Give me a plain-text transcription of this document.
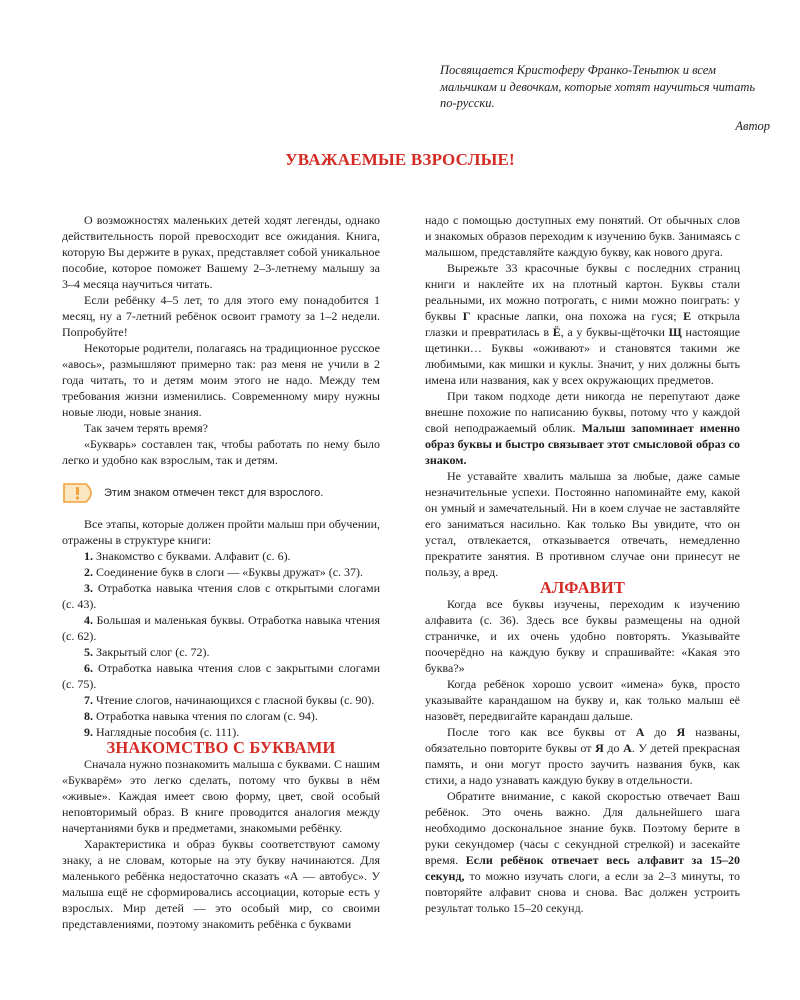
Посвящается Кристоферу Франко-Теньтюк и всем мальчикам и девочкам, которые хотят научиться читать по-русски.
Автор
УВАЖАЕМЫЕ ВЗРОСЛЫЕ!

О возможностях маленьких детей ходят легенды, однако действительность порой превосходит все ожидания. Книга, которую Вы держите в руках, представляет собой уникальное пособие, которое поможет Вашему 2–3-летнему малышу за 3–4 месяца научиться читать.

Если ребёнку 4–5 лет, то для этого ему понадобится 1 месяц, ну а 7-летний ребёнок освоит грамоту за 1–2 недели. Попробуйте!

Некоторые родители, полагаясь на традиционное русское «авось», размышляют примерно так: раз меня не учили в 2 года читать, то и детям моим этого не надо. Между тем требования жизни изменились. Современному миру нужны новые люди, новые знания.

Так зачем терять время?

«Букварь» составлен так, чтобы работать по нему было легко и удобно как взрослым, так и детям.

Этим знаком отмечен текст для взрослого.

Все этапы, которые должен пройти малыш при обучении, отражены в структуре книги:

1. Знакомство с буквами. Алфавит (с. 6).

2. Соединение букв в слоги — «Буквы дружат» (с. 37).

3. Отработка навыка чтения слов с открытыми слогами (с. 43).

4. Большая и маленькая буквы. Отработка навыка чтения (с. 62).

5. Закрытый слог (с. 72).

6. Отработка навыка чтения слов с закрытыми слогами (с. 75).

7. Чтение слогов, начинающихся с гласной буквы (с. 90).

8. Отработка навыка чтения по слогам (с. 94).

9. Наглядные пособия (с. 111).

ЗНАКОМСТВО С БУКВАМИ

Сначала нужно познакомить малыша с буквами. С нашим «Букварём» это легко сделать, потому что буквы в нём «живые». Каждая имеет свою форму, цвет, свой особый неповторимый образ. В книге проводится аналогия между начертаниями букв и предметами, знакомыми ребёнку.

Характеристика и образ буквы соответствуют самому знаку, а не словам, которые на эту букву начинаются. Для маленького ребёнка недостаточно сказать «А — автобус». У малыша ещё не сформировались ассоциации, которые есть у взрослых. Мир детей — это особый мир, со своими представлениями, поэтому знакомить ребёнка с буквами

надо с помощью доступных ему понятий. От обычных слов и знакомых образов переходим к изучению букв. Занимаясь с малышом, представляйте каждую букву, как нового друга.

Вырежьте 33 красочные буквы с последних страниц книги и наклейте их на плотный картон. Буквы стали реальными, их можно потрогать, с ними можно поиграть: у буквы Г красные лапки, она похожа на гуся; Е открыла глазки и превратилась в Ё, а у буквы-щёточки Щ настоящие щетинки… Буквы «оживают» и становятся такими же любимыми, как мишки и куклы. Значит, у них должны быть имена или названия, как у всех окружающих предметов.

При таком подходе дети никогда не перепутают даже внешне похожие по написанию буквы, потому что у каждой свой неподражаемый облик. Малыш запоминает именно образ буквы и быстро связывает этот смысловой образ со знаком.

Не уставайте хвалить малыша за любые, даже самые незначительные успехи. Постоянно напоминайте ему, какой он умный и замечательный. Ни в коем случае не заставляйте его заниматься насильно. Как только Вы увидите, что он устал, отвлекается, отказывается отвечать, немедленно прекратите занятия. В противном случае они принесут не пользу, а вред.

АЛФАВИТ

Когда все буквы изучены, переходим к изучению алфавита (с. 36). Здесь все буквы размещены на одной страничке, и их очень удобно повторять. Указывайте поочерёдно на каждую букву и спрашивайте: «Какая это буква?»

Когда ребёнок хорошо усвоит «имена» букв, просто указывайте карандашом на букву и, как только малыш её назовёт, передвигайте карандаш дальше.

После того как все буквы от А до Я названы, обязательно повторите буквы от Я до А. У детей прекрасная память, и они могут просто заучить названия букв, как стихи, а надо узнавать каждую букву в отдельности.

Обратите внимание, с какой скоростью отвечает Ваш ребёнок. Это очень важно. Для дальнейшего шага необходимо доскональное знание букв. Поэтому берите в руки секундомер (часы с секундной стрелкой) и засекайте время. Если ребёнок отвечает весь алфавит за 15–20 секунд, то можно изучать слоги, а если за 2–3 минуты, то повторяйте алфавит снова и снова. Вас должен устроить результат только 15–20 секунд.
